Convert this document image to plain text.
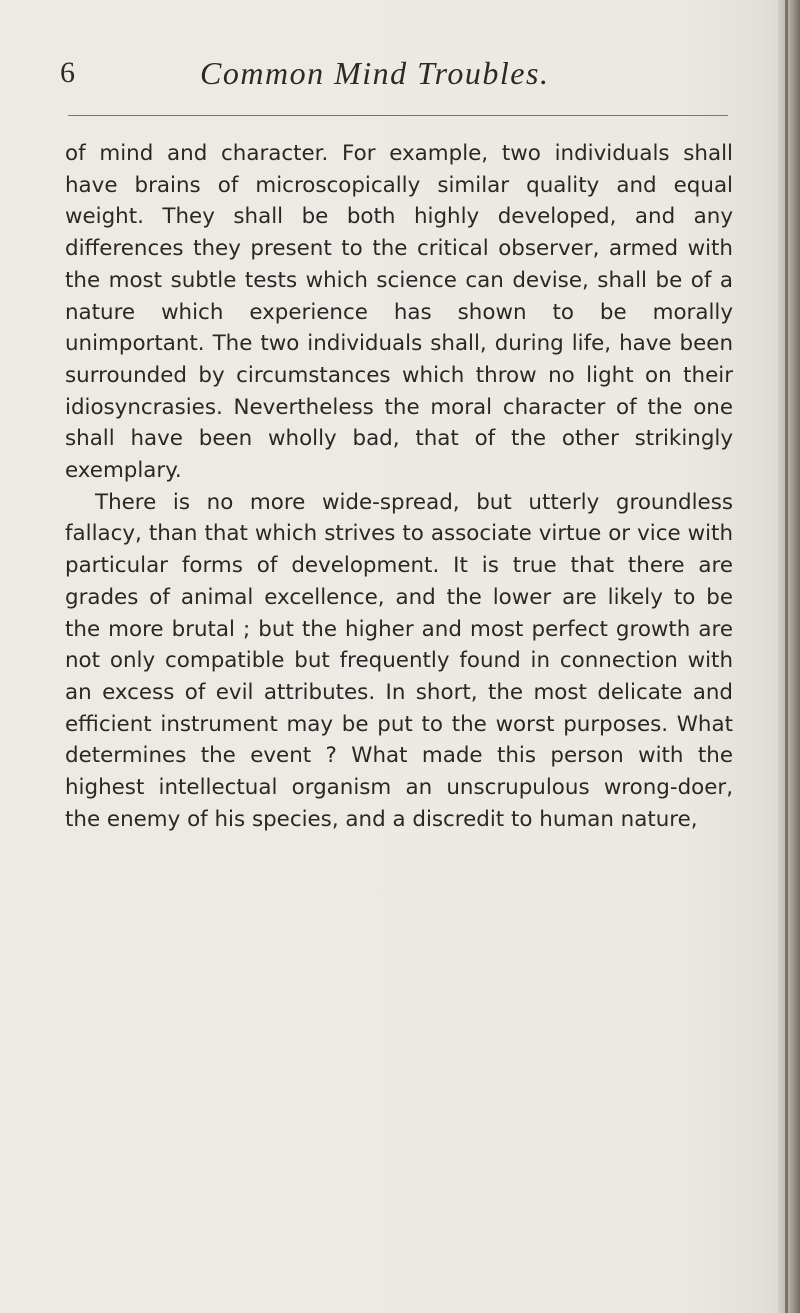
6	Common Mind Troubles.

of mind and character. For example, two individuals shall have brains of microscopically similar quality and equal weight. They shall be both highly developed, and any differences they present to the critical observer, armed with the most subtle tests which science can devise, shall be of a nature which experience has shown to be morally unimportant. The two individuals shall, during life, have been surrounded by circumstances which throw no light on their idiosyncrasies. Nevertheless the moral character of the one shall have been wholly bad, that of the other strikingly exemplary.

There is no more wide-spread, but utterly groundless fallacy, than that which strives to associate virtue or vice with particular forms of development. It is true that there are grades of animal excellence, and the lower are likely to be the more brutal ; but the higher and most perfect growth are not only compatible but frequently found in connection with an excess of evil attributes. In short, the most delicate and efficient instrument may be put to the worst purposes. What determines the event ? What made this person with the highest intellectual organism an unscrupulous wrong-doer, the enemy of his species, and a discredit to human nature,
